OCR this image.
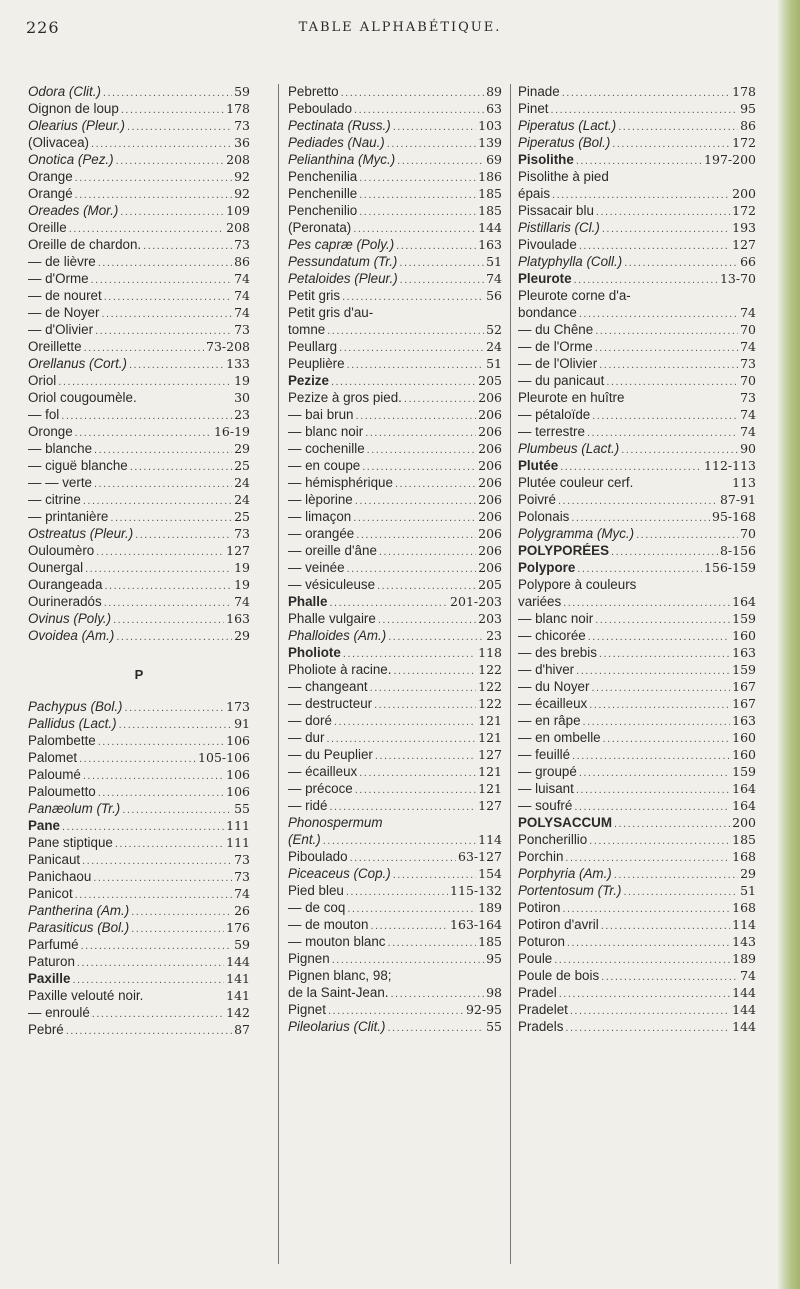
226	TABLE ALPHABÉTIQUE.
Odora (Clit.) .....	59
Oignon de loup .....	178
Olearius (Pleur.) .....	73
(Olivacea) .....	36
Onotica (Pez.) .....	208
Orange .....	92
Orangé .....	92
Oreades (Mor.) .....	109
Oreille .....	208
Oreille de chardon. .....	73
— de lièvre .....	86
— d'Orme .....	74
— de nouret .....	74
— de Noyer .....	74
— d'Olivier .....	73
Oreillette .....	73-208
Orellanus (Cort.) .....	133
Oriol .....	19
Oriol cougoumèle.	30
— fol .....	23
Oronge .....	16-19
— blanche .....	29
— ciguë blanche .....	25
— — verte .....	24
— citrine .....	24
— printanière .....	25
Ostreatus (Pleur.) .....	73
Ouloumèro .....	127
Ounergal .....	19
Ourangeada .....	19
Ourineradós .....	74
Ovinus (Poly.) .....	163
Ovoidea (Am.) .....	29
P
Pachypus (Bol.) .....	173
Pallidus (Lact.) .....	91
Palombette .....	106
Palomet .....	105-106
Paloumé .....	106
Paloumetto .....	106
Panæolum (Tr.) .....	55
Pane .....	111
Pane stiptique .....	111
Panicaut .....	73
Panichaou .....	73
Panicot .....	74
Pantherina (Am.) .....	26
Parasiticus (Bol.) .....	176
Parfumé .....	59
Paturon .....	144
Paxille .....	141
Paxille velouté noir.	141
— enroulé .....	142
Pebré .....	87
Pebretto .....	89
Peboulado .....	63
Pectinata (Russ.) .....	103
Pediades (Nau.) .....	139
Pelianthina (Myc.) .....	69
Penchenilia .....	186
Penchenille .....	185
Penchenilio .....	185
(Peronata) .....	144
Pes capræ (Poly.) .....	163
Pessundatum (Tr.) .....	51
Petaloides (Pleur.) .....	74
Petit gris .....	56
Petit gris d'au-
tomne .....	52
Peullarg .....	24
Peuplière .....	51
Pezize .....	205
Pezize à gros pied. .....	206
— bai brun .....	206
— blanc noir .....	206
— cochenille .....	206
— en coupe .....	206
— hémisphérique .....	206
— lèporine .....	206
— limaçon .....	206
— orangée .....	206
— oreille d'âne .....	206
— veinée .....	206
— vésiculeuse .....	205
Phalle .....	201-203
Phalle vulgaire .....	203
Phalloides (Am.) .....	23
Pholiote .....	118
Pholiote à racine. .....	122
— changeant .....	122
— destructeur .....	122
— doré .....	121
— dur .....	121
— du Peuplier .....	127
— écailleux .....	121
— précoce .....	121
— ridé .....	127
Phonospermum
(Ent.) .....	114
Piboulado .....	63-127
Piceaceus (Cop.) .....	154
Pied bleu .....	115-132
— de coq .....	189
— de mouton .....	163-164
— mouton blanc .....	185
Pignen .....	95
Pignen blanc, 98;
de la Saint-Jean. .....	98
Pignet .....	92-95
Pileolarius (Clit.) .....	55
Pinade .....	178
Pinet .....	95
Piperatus (Lact.) .....	86
Piperatus (Bol.) .....	172
Pisolithe .....	197-200
Pisolithe à pied
épais .....	200
Pissacair blu .....	172
Pistillaris (Cl.) .....	193
Pivoulade .....	127
Platyphylla (Coll.) .....	66
Pleurote .....	13-70
Pleurote corne d'a-
bondance .....	74
— du Chêne .....	70
— de l'Orme .....	74
— de l'Olivier .....	73
— du panicaut .....	70
Pleurote en huître	73
— pétaloïde .....	74
— terrestre .....	74
Plumbeus (Lact.) .....	90
Plutée .....	112-113
Plutée couleur cerf.	113
Poivré .....	87-91
Polonais .....	95-168
Polygramma (Myc.) .....	70
POLYPORÉES .....	8-156
Polypore .....	156-159
Polypore à couleurs
variées .....	164
— blanc noir .....	159
— chicorée .....	160
— des brebis .....	163
— d'hiver .....	159
— du Noyer .....	167
— écailleux .....	167
— en râpe .....	163
— en ombelle .....	160
— feuillé .....	160
— groupé .....	159
— luisant .....	164
— soufré .....	164
POLYSACCUM .....	200
Poncherillio .....	185
Porchin .....	168
Porphyria (Am.) .....	29
Portentosum (Tr.) .....	51
Potiron .....	168
Potiron d'avril .....	114
Poturon .....	143
Poule .....	189
Poule de bois .....	74
Pradel .....	144
Pradelet .....	144
Pradels .....	144
